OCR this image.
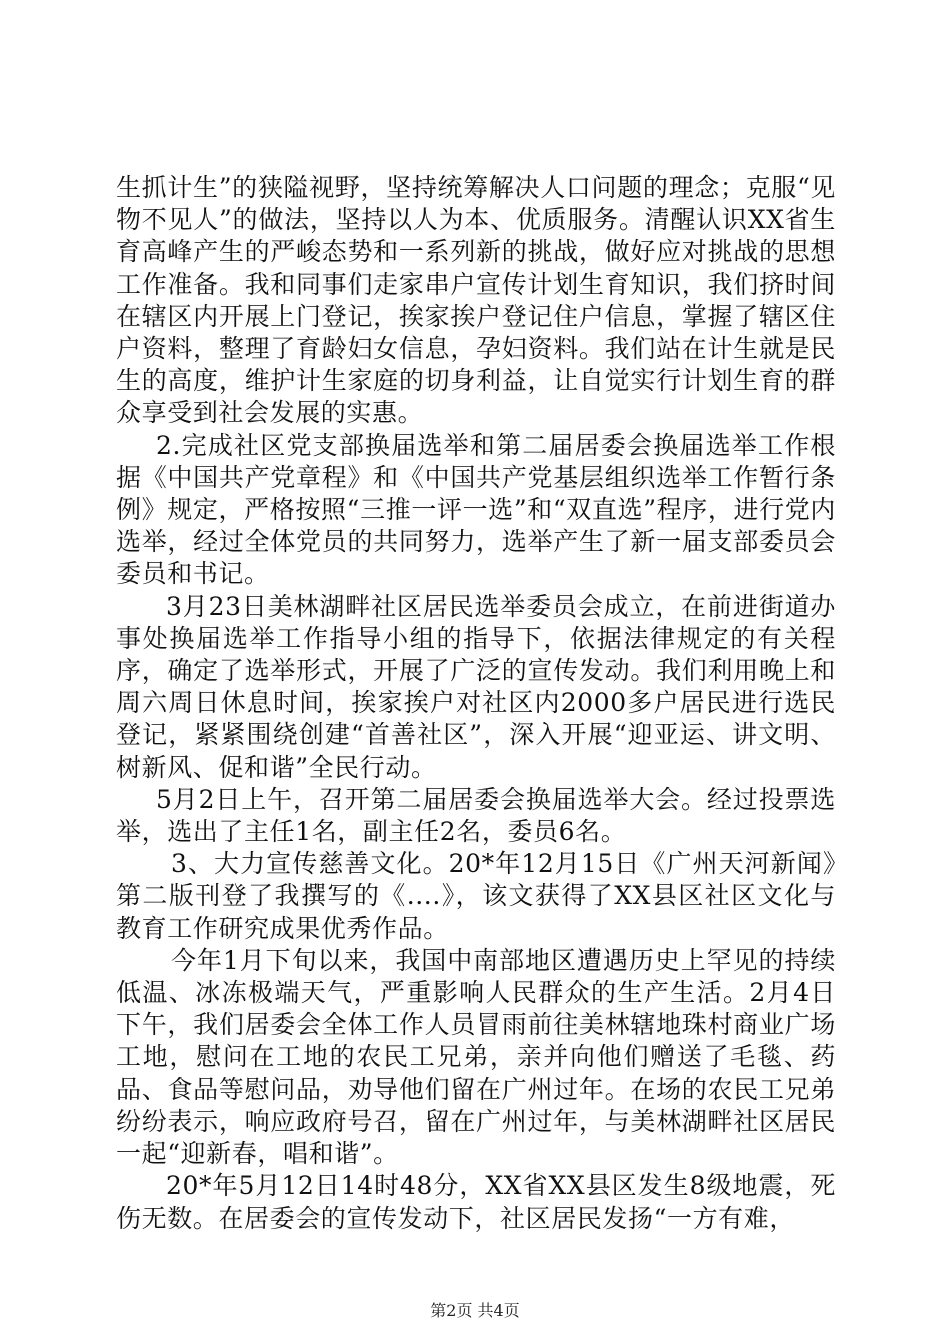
生抓计生”的狭隘视野，坚持统筹解决人口问题的理念；克服“见物不见人”的做法，坚持以人为本、优质服务。清醒认识XX省生育高峰产生的严峻态势和一系列新的挑战，做好应对挑战的思想工作准备。我和同事们走家串户宣传计划生育知识，我们挤时间在辖区内开展上门登记，挨家挨户登记住户信息，掌握了辖区住户资料，整理了育龄妇女信息，孕妇资料。我们站在计生就是民生的高度，维护计生家庭的切身利益，让自觉实行计划生育的群众享受到社会发展的实惠。

2.完成社区党支部换届选举和第二届居委会换届选举工作根据《中国共产党章程》和《中国共产党基层组织选举工作暂行条例》规定，严格按照“三推一评一选”和“双直选”程序，进行党内选举，经过全体党员的共同努力，选举产生了新一届支部委员会委员和书记。

3月23日美林湖畔社区居民选举委员会成立，在前进街道办事处换届选举工作指导小组的指导下，依据法律规定的有关程序，确定了选举形式，开展了广泛的宣传发动。我们利用晚上和周六周日休息时间，挨家挨户对社区内2000多户居民进行选民登记，紧紧围绕创建“首善社区”，深入开展“迎亚运、讲文明、树新风、促和谐”全民行动。

5月2日上午，召开第二届居委会换届选举大会。经过投票选举，选出了主任1名，副主任2名，委员6名。

3、大力宣传慈善文化。20*年12月15日《广州天河新闻》第二版刊登了我撰写的《....》，该文获得了XX县区社区文化与教育工作研究成果优秀作品。

今年1月下旬以来，我国中南部地区遭遇历史上罕见的持续低温、冰冻极端天气，严重影响人民群众的生产生活。2月4日下午，我们居委会全体工作人员冒雨前往美林辖地珠村商业广场工地，慰问在工地的农民工兄弟，亲并向他们赠送了毛毯、药品、食品等慰问品，劝导他们留在广州过年。在场的农民工兄弟纷纷表示，响应政府号召，留在广州过年，与美林湖畔社区居民一起“迎新春，唱和谐”。

20*年5月12日14时48分，XX省XX县区发生8级地震，死伤无数。在居委会的宣传发动下，社区居民发扬“一方有难，

第2页 共4页
